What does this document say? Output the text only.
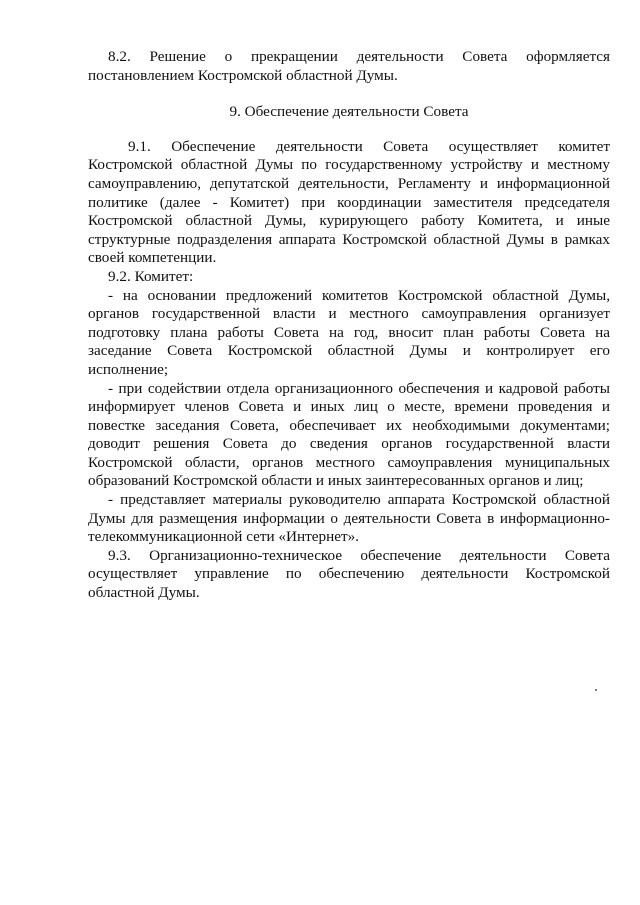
8.2. Решение о прекращении деятельности Совета оформляется постановлением Костромской областной Думы.

9. Обеспечение деятельности Совета

9.1. Обеспечение деятельности Совета осуществляет комитет Костромской областной Думы по государственному устройству и местному самоуправлению, депутатской деятельности, Регламенту и информационной политике (далее - Комитет) при координации заместителя председателя Костромской областной Думы, курирующего работу Комитета, и иные структурные подразделения аппарата Костромской областной Думы в рамках своей компетенции.

9.2. Комитет:

- на основании предложений комитетов Костромской областной Думы, органов государственной власти и местного самоуправления организует подготовку плана работы Совета на год, вносит план работы Совета на заседание Совета Костромской областной Думы и контролирует его исполнение;

- при содействии отдела организационного обеспечения и кадровой работы информирует членов Совета и иных лиц о месте, времени проведения и повестке заседания Совета, обеспечивает их необходимыми документами; доводит решения Совета до сведения органов государственной власти Костромской области, органов местного самоуправления муниципальных образований Костромской области и иных заинтересованных органов и лиц;

- представляет материалы руководителю аппарата Костромской областной Думы для размещения информации о деятельности Совета в информационно-телекоммуникационной сети «Интернет».

9.3. Организационно-техническое обеспечение деятельности Совета осуществляет управление по обеспечению деятельности Костромской областной Думы.
